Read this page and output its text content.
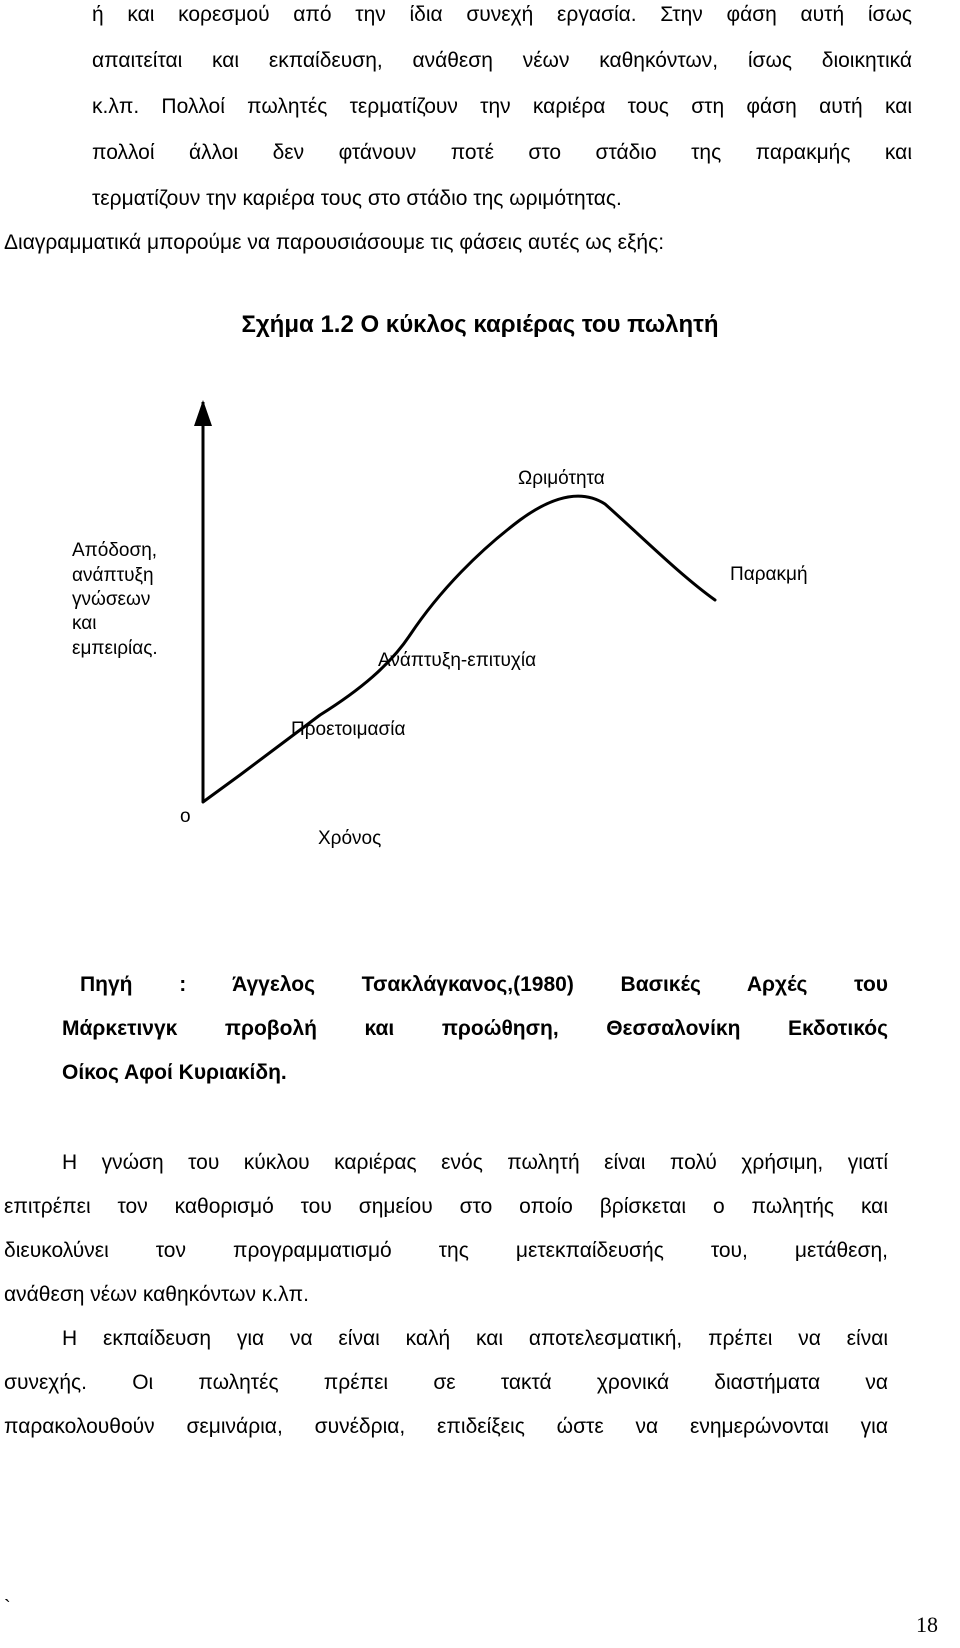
ή και κορεσμού από την ίδια συνεχή εργασία. Στην φάση αυτή ίσως
απαιτείται και εκπαίδευση, ανάθεση νέων καθηκόντων, ίσως διοικητικά
κ.λπ. Πολλοί πωλητές τερματίζουν την καριέρα τους στη φάση αυτή και
πολλοί άλλοι δεν φτάνουν ποτέ στο στάδιο της παρακμής και
τερματίζουν την καριέρα τους στο στάδιο της ωριμότητας.
Διαγραμματικά μπορούμε να παρουσιάσουμε τις φάσεις αυτές ως εξής:
Σχήμα 1.2 Ο κύκλος καριέρας του πωλητή
ο
Χρόνος
Απόδοση, ανάπτυξη γνώσεων και εμπειρίας.
Προετοιμασία
Ανάπτυξη-επιτυχία
Ωριμότητα
Παρακμή
Πηγή : Άγγελος Τσακλάγκανος,(1980) Βασικές Αρχές του
Μάρκετινγκ προβολή και προώθηση, Θεσσαλονίκη Εκδοτικός
Οίκος Αφοί Κυριακίδη.
Η γνώση του κύκλου καριέρας ενός πωλητή είναι πολύ χρήσιμη, γιατί
επιτρέπει τον καθορισμό του σημείου στο οποίο βρίσκεται ο πωλητής και
διευκολύνει τον προγραμματισμό της μετεκπαίδευσής του, μετάθεση,
ανάθεση νέων καθηκόντων κ.λπ.
Η εκπαίδευση για να είναι καλή και αποτελεσματική, πρέπει να είναι
συνεχής. Οι πωλητές πρέπει σε τακτά χρονικά διαστήματα να
παρακολουθούν σεμινάρια, συνέδρια, επιδείξεις ώστε να ενημερώνονται για
`
18
